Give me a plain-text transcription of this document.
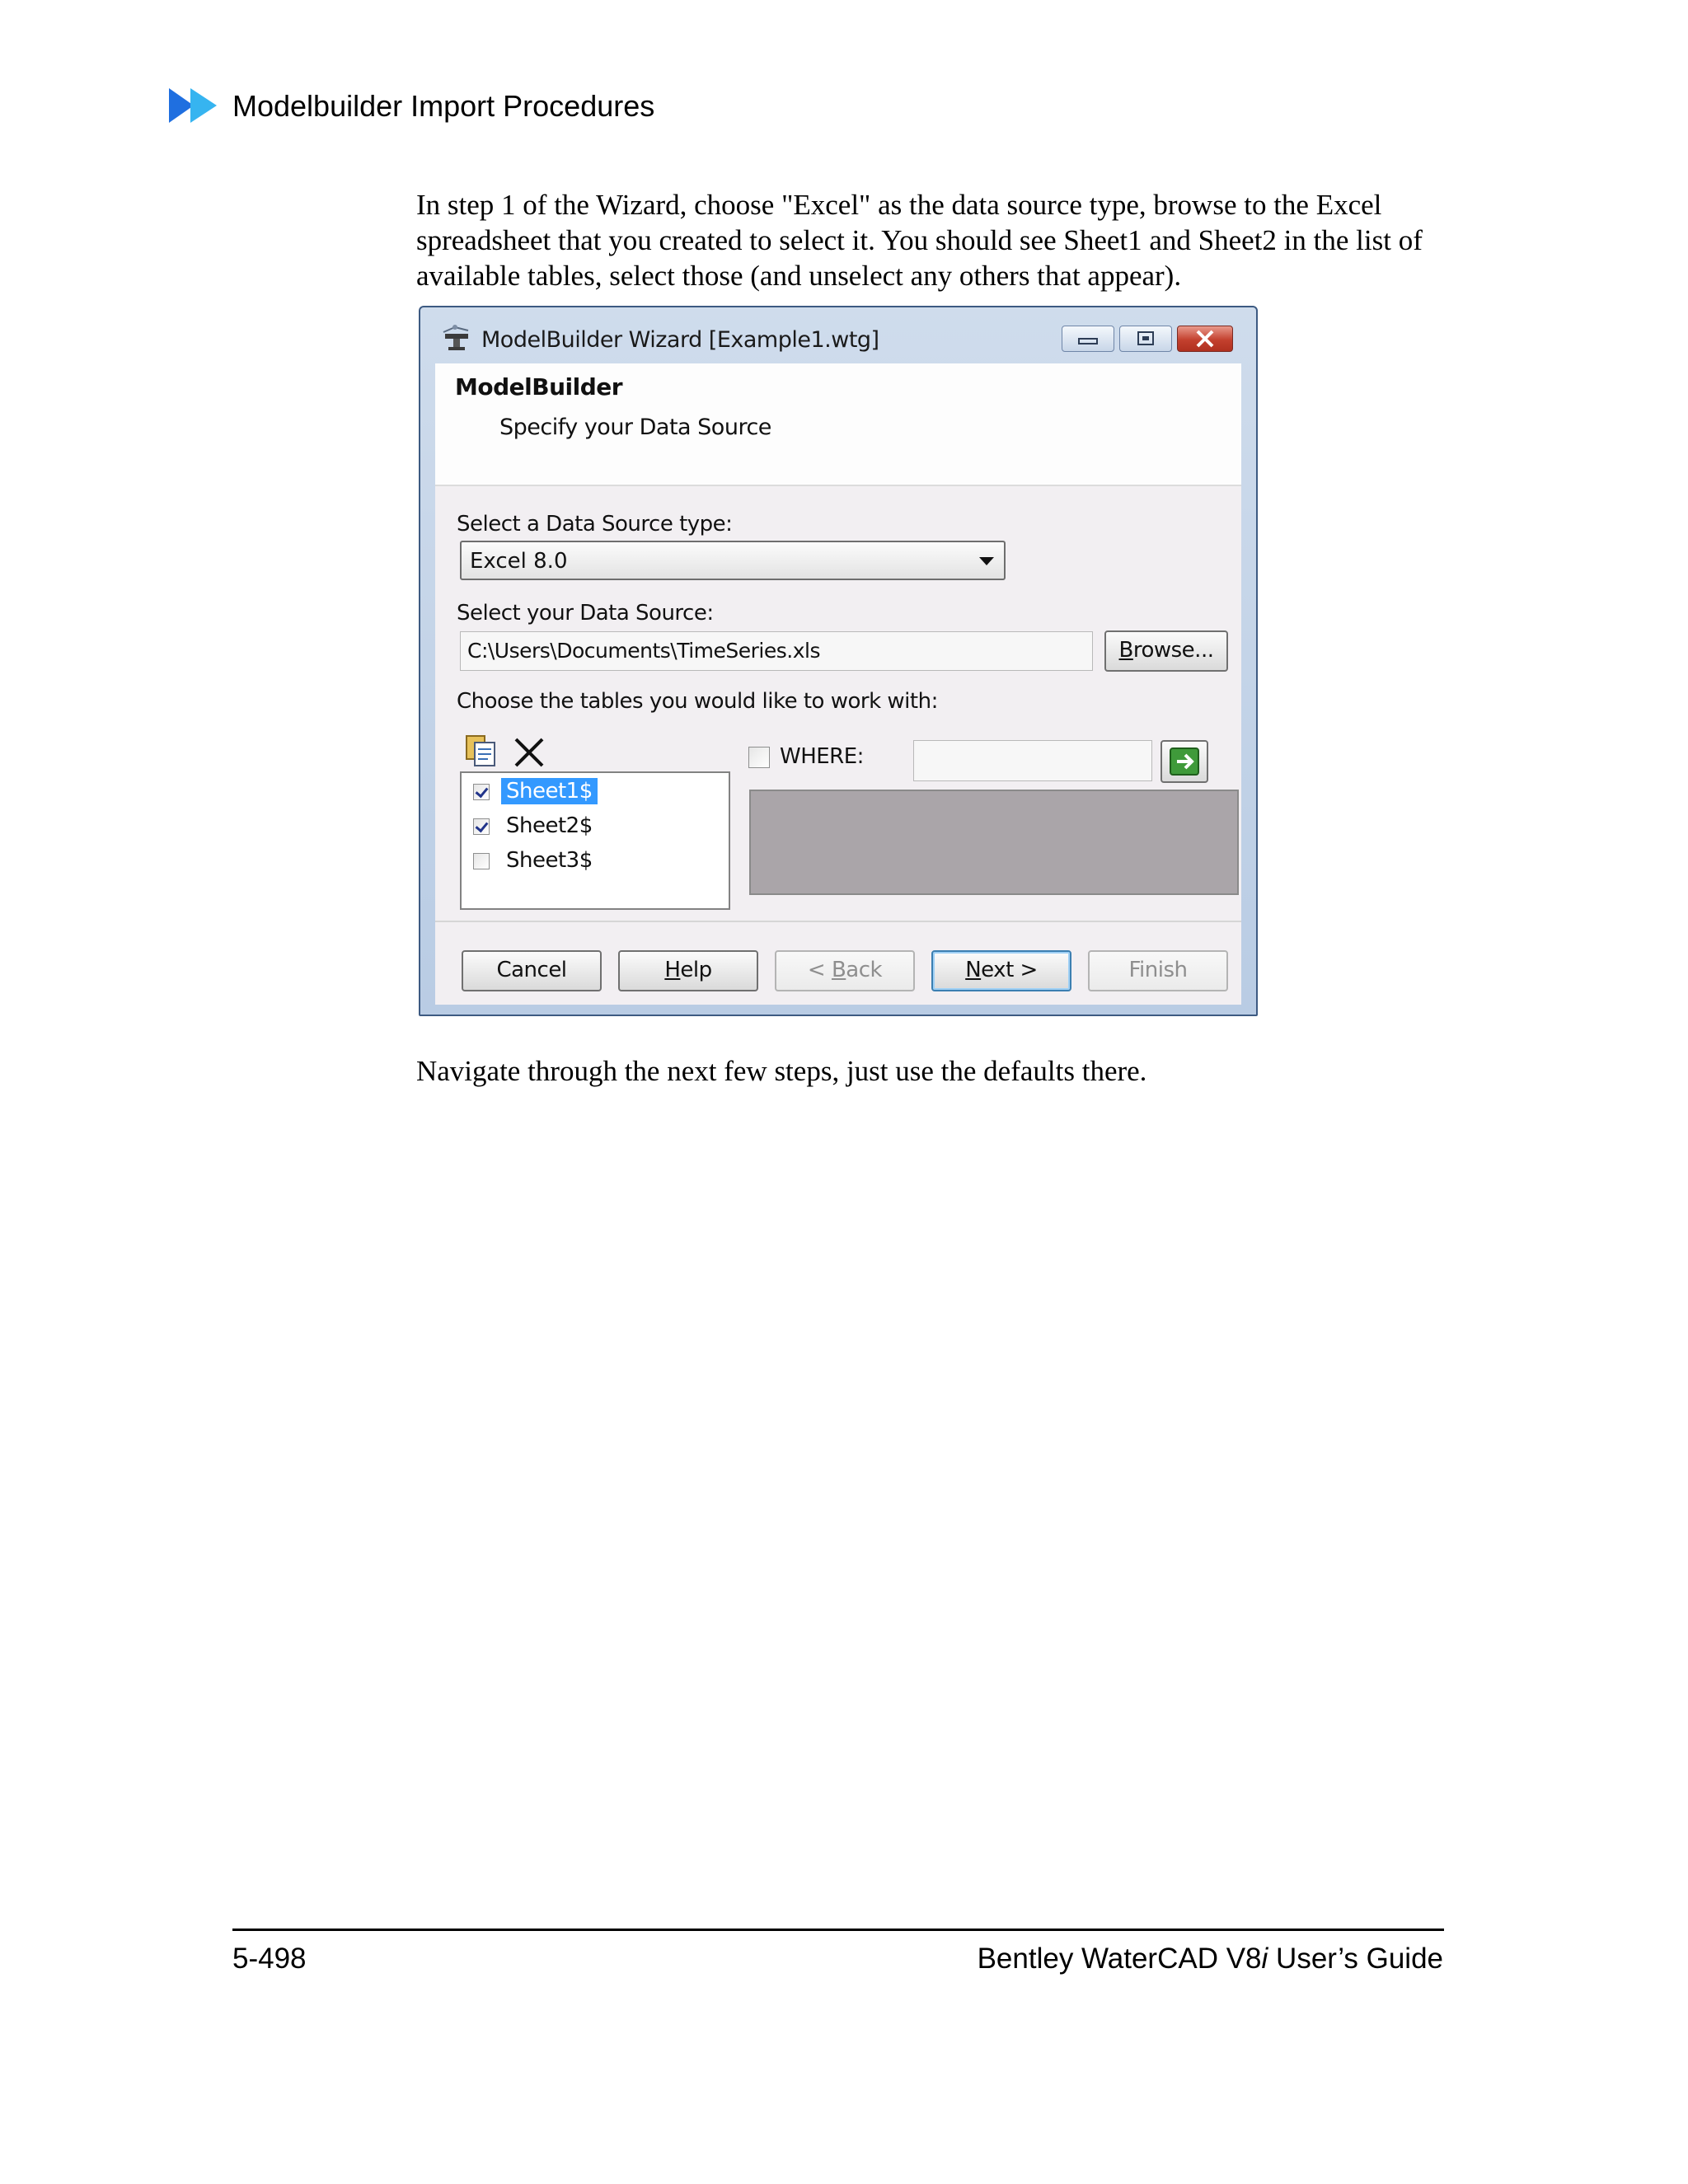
Modelbuilder Import Procedures

In step 1 of the Wizard, choose "Excel" as the data source type, browse to the Excel spreadsheet that you created to select it. You should see Sheet1 and Sheet2 in the list of available tables, select those (and unselect any others that appear).

ModelBuilder Wizard [Example1.wtg]
ModelBuilder
Specify your Data Source
Select a Data Source type:
Excel 8.0
Select your Data Source:
C:\Users\Documents\TimeSeries.xls	Browse...
Choose the tables you would like to work with:
Sheet1$
Sheet2$
Sheet3$
WHERE:
Cancel	Help	< Back	Next >	Finish

Navigate through the next few steps, just use the defaults there.

5-498	Bentley WaterCAD V8i User’s Guide
